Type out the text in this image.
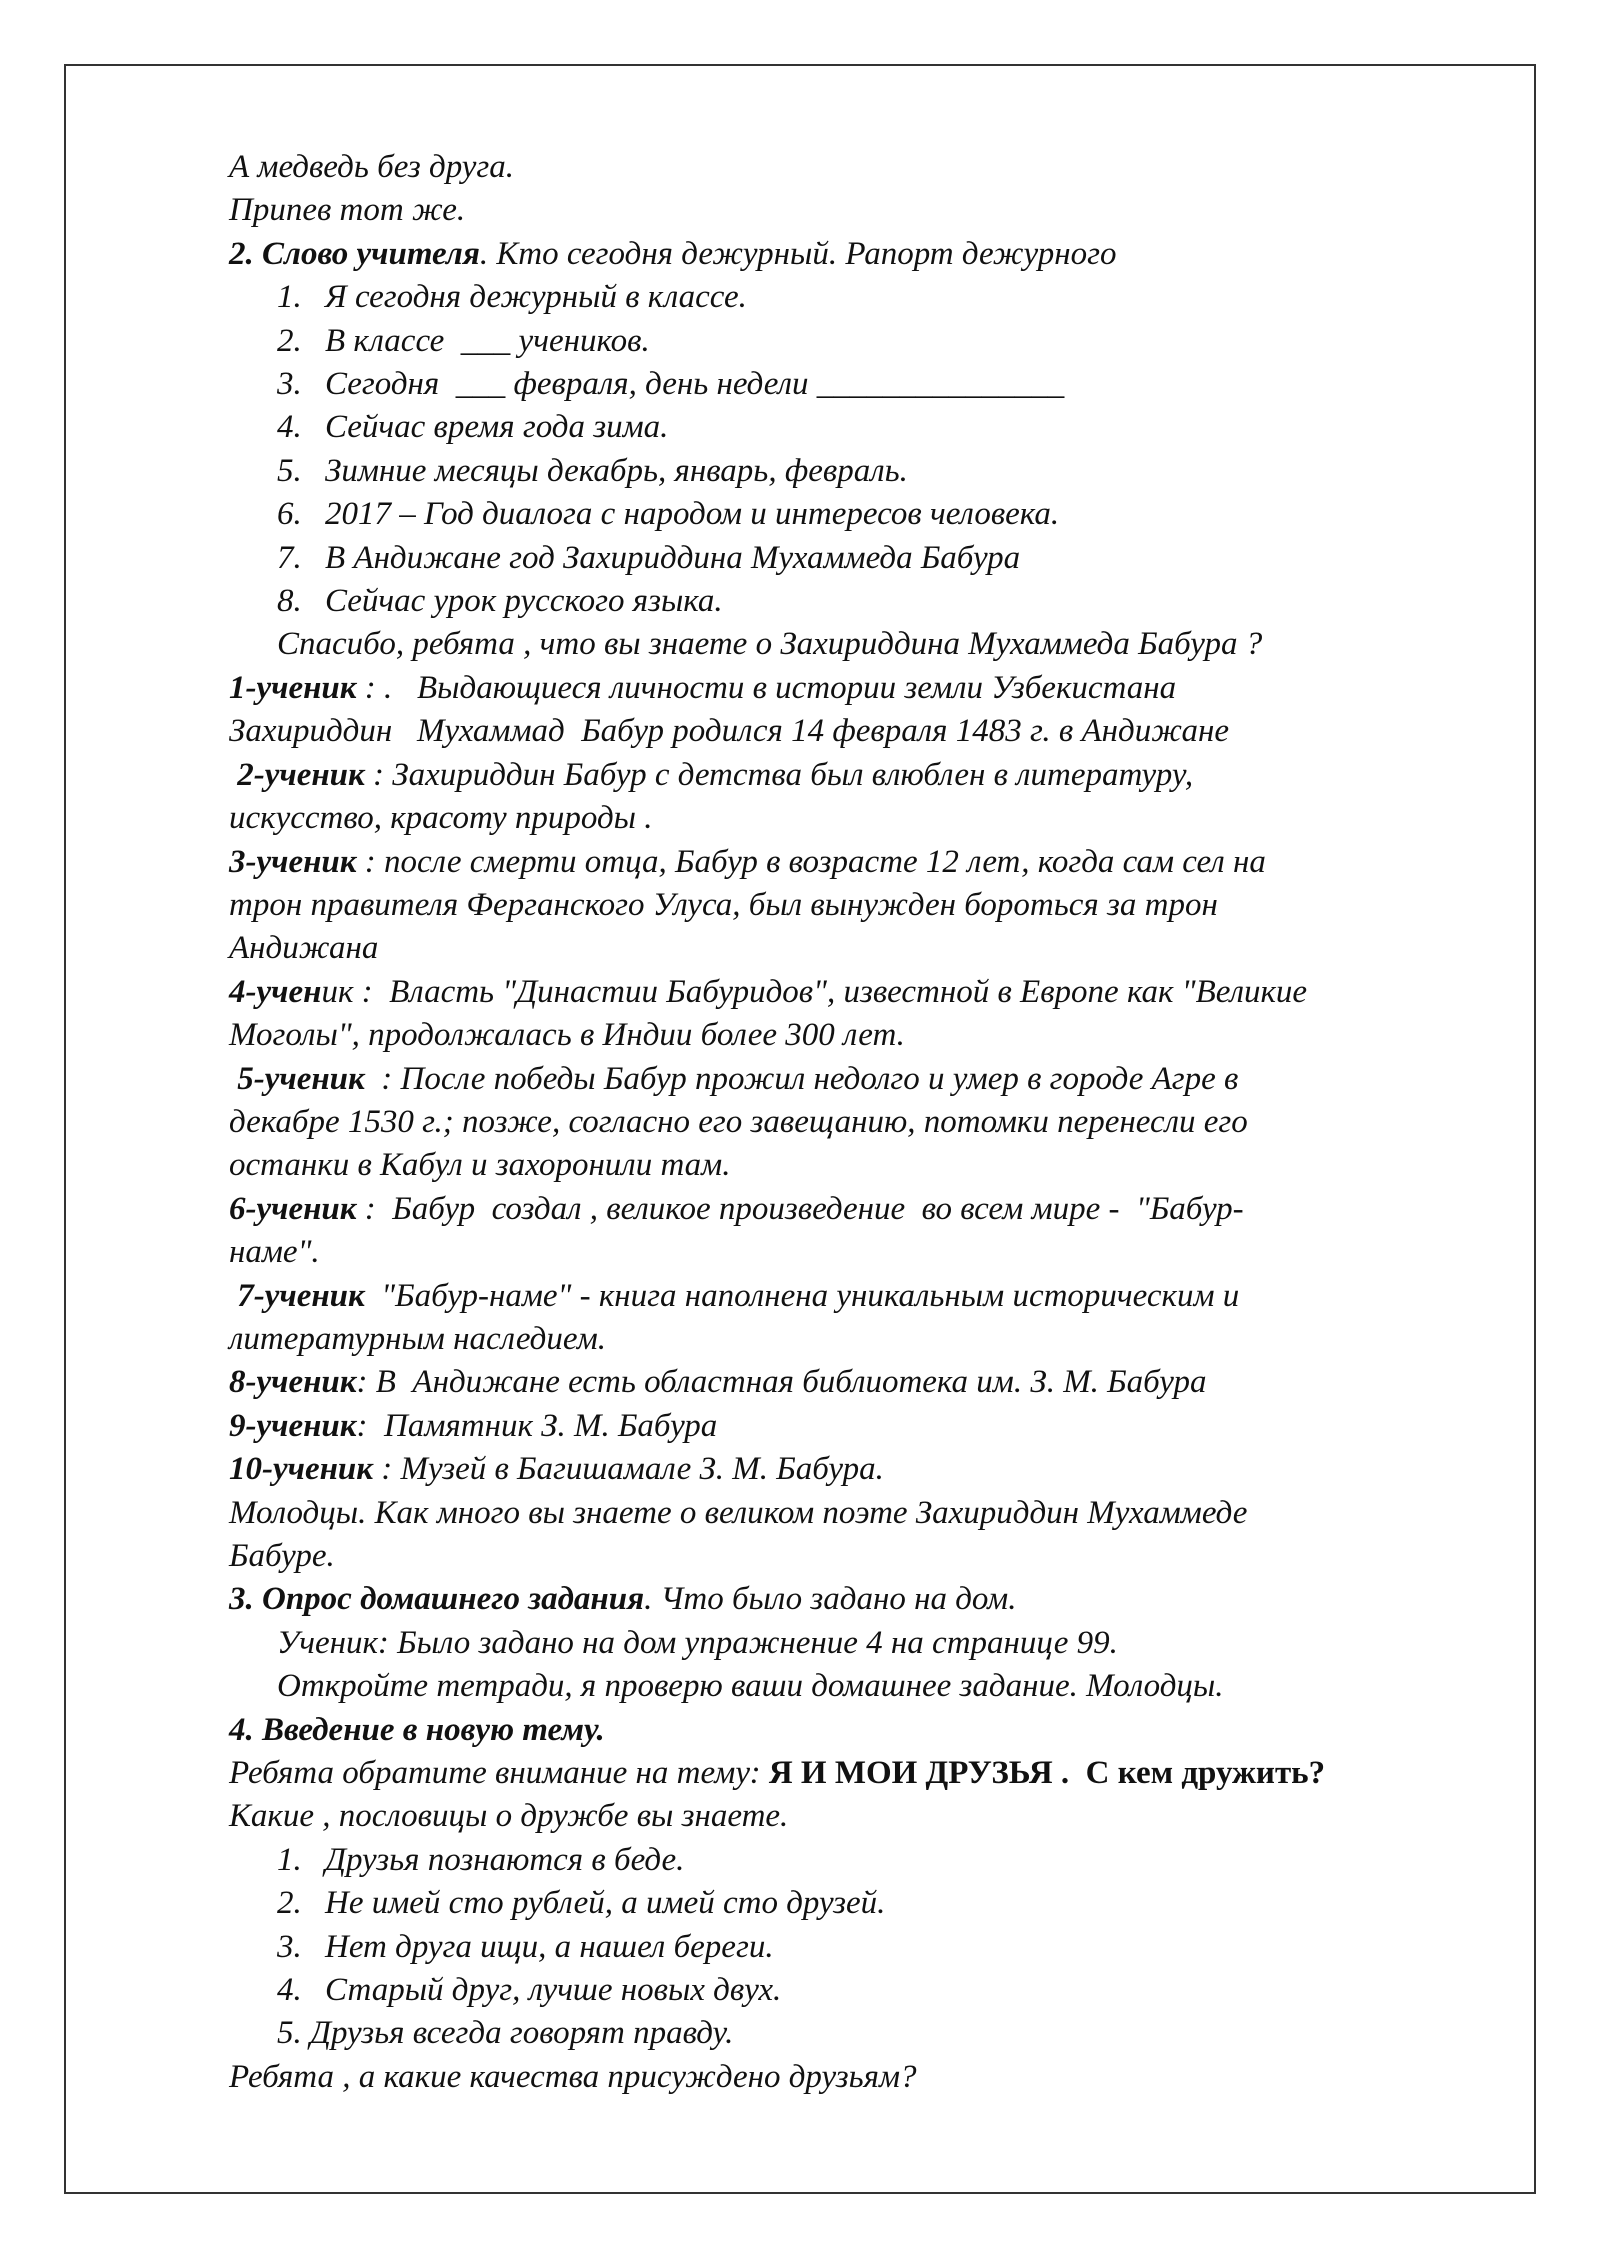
А медведь без друга.
Припев тот же.
2. Слово учителя. Кто сегодня дежурный. Рапорт дежурного
1. Я сегодня дежурный в классе.
2. В классе  ___ учеников.
3. Сегодня  ___ февраля, день недели _______________
4. Сейчас время года зима.
5. Зимние месяцы декабрь, январь, февраль.
6. 2017 – Год диалога с народом и интересов человека.
7. В Андижане год Захириддина Мухаммеда Бабура
8. Сейчас урок русского языка.
Спасибо, ребята , что вы знаете о Захириддина Мухаммеда Бабура ?
1-ученик : .   Выдающиеся личности в истории земли Узбекистана
Захириддин   Мухаммад  Бабур родился 14 февраля 1483 г. в Андижане
2-ученик : Захириддин Бабур с детства был влюблен в литературу,
искусство, красоту природы .
3-ученик : после смерти отца, Бабур в возрасте 12 лет, когда сам сел на
трон правителя Ферганского Улуса, был вынужден бороться за трон
Андижана
4-ученик :  Власть "Династии Бабуридов", известной в Европе как "Великие
Моголы", продолжалась в Индии более 300 лет.
5-ученик  : После победы Бабур прожил недолго и умер в городе Агре в
декабре 1530 г.; позже, согласно его завещанию, потомки перенесли его
останки в Кабул и захоронили там.
6-ученик :  Бабур  создал , великое произведение  во всем мире -  "Бабур-
наме".
7-ученик  "Бабур-наме" - книга наполнена уникальным историческим и
литературным наследием.
8-ученик: В  Андижане есть областная библиотека им. З. М. Бабура
9-ученик:  Памятник З. М. Бабура
10-ученик : Музей в Багишамале З. М. Бабура.
Молодцы. Как много вы знаете о великом поэте Захириддин Мухаммеде
Бабуре.
3. Опрос домашнего задания. Что было задано на дом.
Ученик: Было задано на дом упражнение 4 на странице 99.
Откройте тетради, я проверю ваши домашнее задание. Молодцы.
4. Введение в новую тему.
Ребята обратите внимание на тему: Я И МОИ ДРУЗЬЯ .  С кем дружить?
Какие , пословицы о дружбе вы знаете.
1. Друзья познаются в беде.
2. Не имей сто рублей, а имей сто друзей.
3. Нет друга ищи, а нашел береги.
4. Старый друг, лучше новых двух.
5. Друзья всегда говорят правду.
Ребята , а какие качества присуждено друзьям?
